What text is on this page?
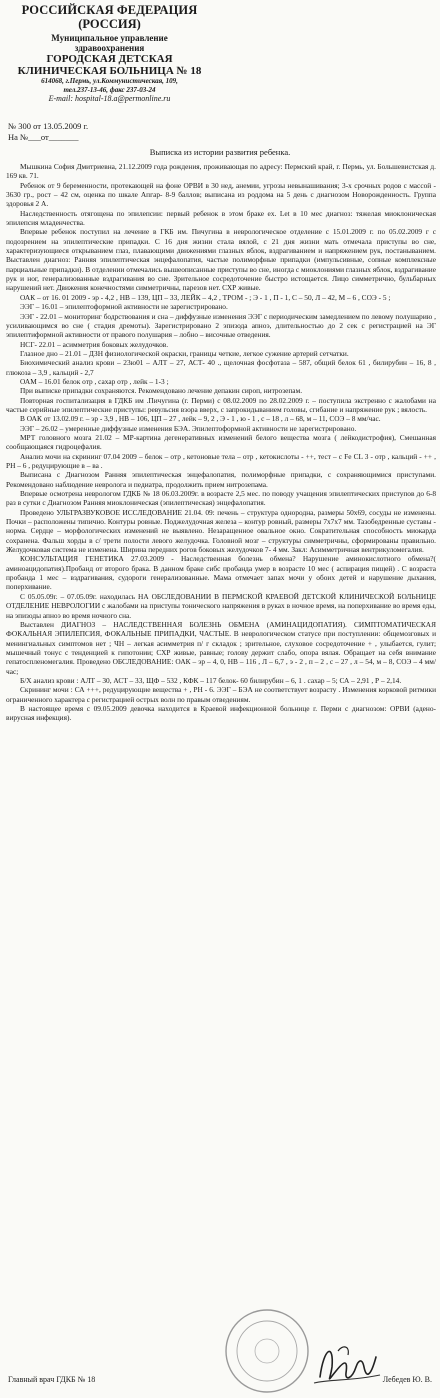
РОССИЙСКАЯ ФЕДЕРАЦИЯ
(РОССИЯ)
Муниципальное управление
здравоохранения
ГОРОДСКАЯ ДЕТСКАЯ
КЛИНИЧЕСКАЯ БОЛЬНИЦА № 18
614068, г.Пермь, ул.Коммунистическая, 109,
тел.237-13-46, факс 237-03-24
E-mail: hospital-18.a@permonline.ru
№ 300 от 13.05.2009 г.
На №___от_______
Выписка из истории развития ребенка.

Мышкина София Дмитриевна, 21.12.2009 года рождения, проживающая по адресу: Пермский край, г. Пермь, ул. Большевистская д. 169 кв. 71.

Ребенок от 9 беременности, протекающей на фоне ОРВИ в 30 нед, анемии, угрозы невынашивания; 3-х срочных родов с массой - 3630 гр., рост – 42 см, оценка по шкале Апгар- 8-9 баллов; выписана из роддома на 5 день с диагнозом Новорожденность. Группа здоровья 2 А.

Наследственность отягощена по эпилепсии: первый ребенок в этом браке ex. Let в 10 мес диагноз: тяжелая миоклоническая эпилепсия младенчества.

Впервые ребенок поступил на лечение в ГКБ им. Пичугина в неврологическое отделение с 15.01.2009 г. по 05.02.2009 г с подозрением на эпилептические припадки. С 16 дня жизни стала вялой, с 21 дня жизни мать отмечала приступы во сне, характеризующиеся открыванием глаз, плавающими движениями глазных яблок, вздрагиванием и напряжением рук, постаныванием. Выставлен диагноз: Ранняя эпилептическая энцефалопатия, частые полиморфные припадки (импульсивные, сопные комплексные парциальные припадки). В отделении отмечались вышеописанные приступы во сне, иногда с миоклониями глазных яблок, вздрагивание рук и ног, генерализованные вздрагивания во сне. Зрительное сосредоточение быстро истощается. Лицо симметрично, бульбарных нарушений нет. Движения конечностями симметричны, парезов нет. СХР живые.

ОАК – от 16. 01 2009 - эр - 4,2 , НВ – 139, ЦП – 33, ЛЕЙК – 4,2 , ТРОМ - ; Э - 1 , П - 1, С – 50, Л – 42, М – 6 , СОЭ - 5 ;

ЭЭГ – 16.01 – эпилептоформной активности не зарегистрировано.

ЭЭГ - 22.01 – мониторинг бодрствования и сна – диффузные изменения ЭЭГ с периодическим замедлением по левому полушарию , усиливающимся во сне ( стадия дремоты). Зарегистрировано 2 эпизода апноэ, длительностью до 2 сек с регистрацией на ЭГ эпилептиформной активности от правого полушария – лобно – височные отведения.

НСГ- 22.01 – асимметрия боковых желудочков.

Глазное дно – 21.01 – ДЗН физиологической окраски, границы четкие, легкое сужение артерий сетчатки.

Биохимический анализ крови – 23ю01 – АЛТ – 27, АСТ- 40 ., щелочная фосфотаза – 587, общий белок 61 , билирубин – 16, 8 , глюкоза – 3,9 , кальций - 2,7

ОАМ – 16.01 белок отр , сахар отр , лейк – 1-3 ;

При выписке припадки сохраняются. Рекомендовано лечение депакин сироп, нитрозепам.

Повторная госпитализация в ГДКБ им .Пичугина (г. Перми) с 08.02.2009 по 28.02.2009 г. – поступила экстренно с жалобами на частые серийные эпилептические приступы: ревульсия взора вверх, с запрокидыванием головы, сгибание и напряжение рук ; вялость.

В ОАК от 13.02.09 г. – эр - 3,9 , НВ – 106, ЦП – 27 , лейк – 9, 2 , Э - 1 , ю - 1 , с – 18 , л – 68, м – 11, СОЭ – 8 мм/час.

ЭЭГ – 26.02 – умеренные диффузные изменения БЭА. Эпилептоформной активности не зарегистрировано.

МРТ головного мозга 21.02 – МР-картина дегенеративных изменений белого вещества мозга ( лейкодистрофия), Смешанная сообщающаяся гидроцефалия.

Анализ мочи на скрининг 07.04 2009 – белок – отр , кетоновые тела – отр , кетокислоты - ++, тест – с Fe CL 3 - отр , кальций - ++ , РН – 6 , редуцирующие в – ва .

Выписана с Диагнозом Ранняя эпилептическая энцефалопатия, полиморфные припадки, с сохраняющимися приступами. Рекомендовано наблюдение невролога и педиатра, продолжить прием нитрозепама.

Впервые осмотрена неврологом ГДКБ № 18 06.03.2009г. в возрасте 2,5 мес. по поводу учащения эпилептических приступов до 6-8 раз в сутки с Диагнозом Ранняя миоклоническая (эпилептическая) энцефалопатия.

Проведено УЛЬТРАЗВУКОВОЕ ИССЛЕДОВАНИЕ 21.04. 09: печень – структура однородна, размеры 50х69, сосуды не изменены. Почки – расположены типично. Контуры ровные. Поджелудочная железа – контур ровный, размеры 7х7х7 мм. Тазобедренные суставы - норма. Сердце – морфологических изменений не выявлено. Незаращенное овальное окно. Сократительная способность миокарда сохранена. Фальш хорды в с/ трети полости левого желудочка. Головной мозг – структуры симметричны, сформированы правильно. Желудочковая система не изменена. Ширина передних рогов боковых желудочков 7- 4 мм. Закл: Асимметричная вентрикуломегалия.

КОНСУЛЬТАЦИЯ ГЕНЕТИКА 27.03.2009 - Наследственная болезнь обмена? Нарушение аминокислотного обмена?( аминоацидопатия).Пробанд от второго брака. В данном браке сибс пробанда умер в возрасте 10 мес ( аспирация пищей) . С возраста пробанда 1 мес – вздрагивания, судороги генерализованные. Мама отмечает запах мочи у обоих детей и нарушение дыхания, поперхивание.

С 05.05.09г. – 07.05.09г. находилась НА ОБСЛЕДОВАНИИ В ПЕРМСКОЙ КРАЕВОЙ ДЕТСКОЙ КЛИНИЧЕСКОЙ БОЛЬНИЦЕ ОТДЕЛЕНИЕ НЕВРОЛОГИИ с жалобами на приступы тонического напряжения в руках в ночное время, на поперхивание во время еды, на эпизоды апноэ во время ночного сна.

Выставлен ДИАГНОЗ – НАСЛЕДСТВЕННАЯ БОЛЕЗНЬ ОБМЕНА (АМИНАЦИДОПАТИЯ). СИМПТОМАТИЧЕСКАЯ ФОКАЛЬНАЯ ЭПИЛЕПСИЯ, ФОКАЛЬНЫЕ ПРИПАДКИ, ЧАСТЫЕ. В неврологическом статусе при поступлении: общемозговых и менингиальных симптомов нет ; ЧН – легкая асимметрия п/ г складок ; зрительное, слуховое сосредоточение + , улыбается, гулит; мышечный тонус с тенденцией к гипотонии; СХР живые, равные; голову держит слабо, опора вялая. Обращает на себя внимание гепатоспленомегалия. Проведено ОБСЛЕДОВАНИЕ: ОАК – эр – 4, 0, НВ – 116 , Л – 6,7 , э - 2 , п – 2 , с – 27 , л – 54, м – 8, СОЭ – 4 мм/час;

Б/Х анализ крови : АЛТ – 30, АСТ – 33, ЩФ – 532 , КФК – 117 белок- 60 билирубин – 6, 1 . сахар – 5; СА – 2,91 , Р – 2,14.

Скрининг мочи : СА +++, редуцирующие вещества + , РН - 6. ЭЭГ – БЭА не соответствует возрасту . Изменения корковой ритмики ограниченного характера с регистрацией острых волн по правым отведениям.

В настоящее время с 09.05.2009 девочка находится в Краевой инфекционной больнице г. Перми с диагнозом: ОРВИ (адено- вирусная инфекция).

Главный врач ГДКБ № 18	Лебедев Ю. В.
